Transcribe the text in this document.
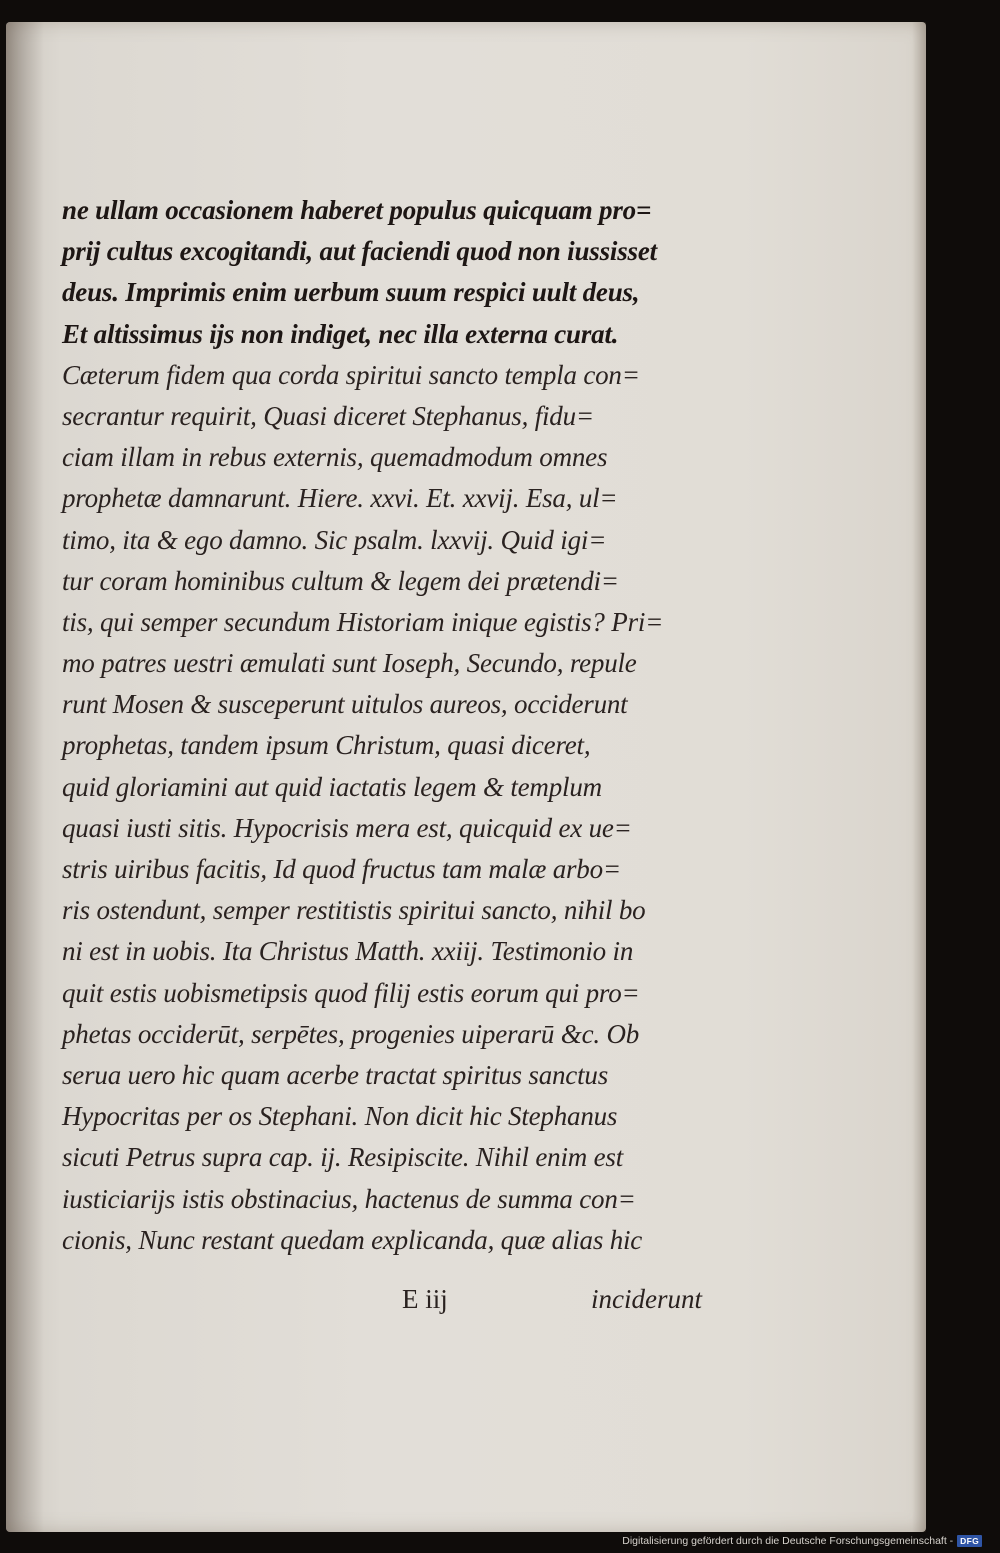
ne ullam occasionem haberet populus quicquam pro=
prij cultus excogitandi, aut faciendi quod non iussisset
deus. Imprimis enim uerbum suum respici uult deus,
Et altissimus ijs non indiget, nec illa externa curat.
Cæterum fidem qua corda spiritui sancto templa con=
secrantur requirit, Quasi diceret Stephanus, fidu=
ciam illam in rebus externis, quemadmodum omnes
prophetæ damnarunt. Hiere. xxvi. Et. xxvij. Esa, ul=
timo, ita & ego damno. Sic psalm. lxxvij. Quid igi=
tur coram hominibus cultum & legem dei prætendi=
tis, qui semper secundum Historiam inique egistis? Pri=
mo patres uestri æmulati sunt Ioseph, Secundo, repule
runt Mosen & susceperunt uitulos aureos, occiderunt
prophetas, tandem ipsum Christum, quasi diceret,
quid gloriamini aut quid iactatis legem & templum
quasi iusti sitis. Hypocrisis mera est, quicquid ex ue=
stris uiribus facitis, Id quod fructus tam malæ arbo=
ris ostendunt, semper restitistis spiritui sancto, nihil bo
ni est in uobis. Ita Christus Matth. xxiij. Testimonio in
quit estis uobismetipsis quod filij estis eorum qui pro=
phetas occiderūt, serpētes, progenies uiperarū &c. Ob
serua uero hic quam acerbe tractat spiritus sanctus
Hypocritas per os Stephani. Non dicit hic Stephanus
sicuti Petrus supra cap. ij. Resipiscite. Nihil enim est
iusticiarijs istis obstinacius, hactenus de summa con=
cionis, Nunc restant quedam explicanda, quæ alias hic
E iij	inciderunt
Digitalisierung gefördert durch die Deutsche Forschungsgemeinschaft - DFG
